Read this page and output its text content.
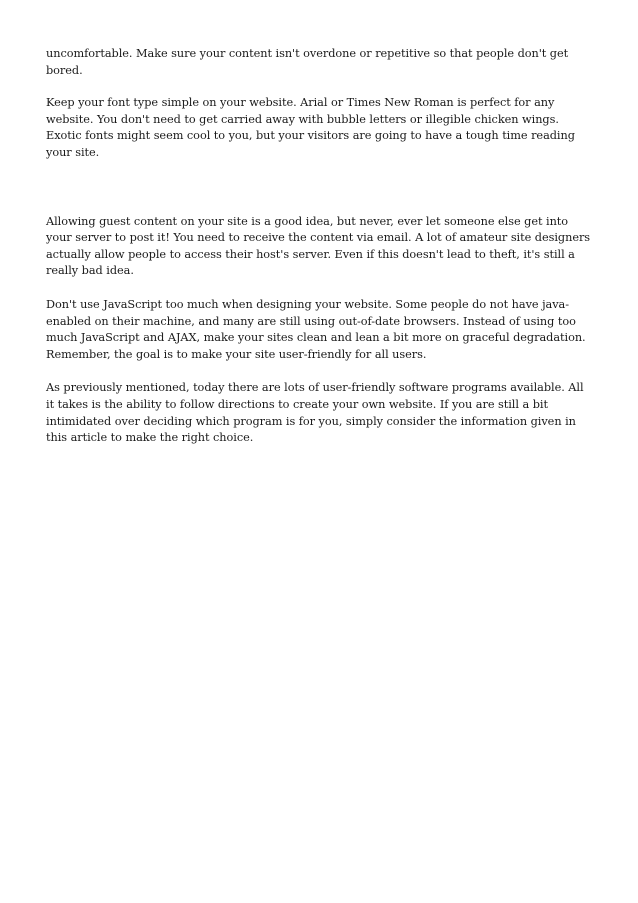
uncomfortable. Make sure your content isn't overdone or repetitive so that people don't get bored.

Keep your font type simple on your website. Arial or Times New Roman is perfect for any website. You don't need to get carried away with bubble letters or illegible chicken wings. Exotic fonts might seem cool to you, but your visitors are going to have a tough time reading your site.

Allowing guest content on your site is a good idea, but never, ever let someone else get into your server to post it! You need to receive the content via email. A lot of amateur site designers actually allow people to access their host's server. Even if this doesn't lead to theft, it's still a really bad idea.

Don't use JavaScript too much when designing your website. Some people do not have java-enabled on their machine, and many are still using out-of-date browsers. Instead of using too much JavaScript and AJAX, make your sites clean and lean a bit more on graceful degradation. Remember, the goal is to make your site user-friendly for all users.

As previously mentioned, today there are lots of user-friendly software programs available. All it takes is the ability to follow directions to create your own website. If you are still a bit intimidated over deciding which program is for you, simply consider the information given in this article to make the right choice.
